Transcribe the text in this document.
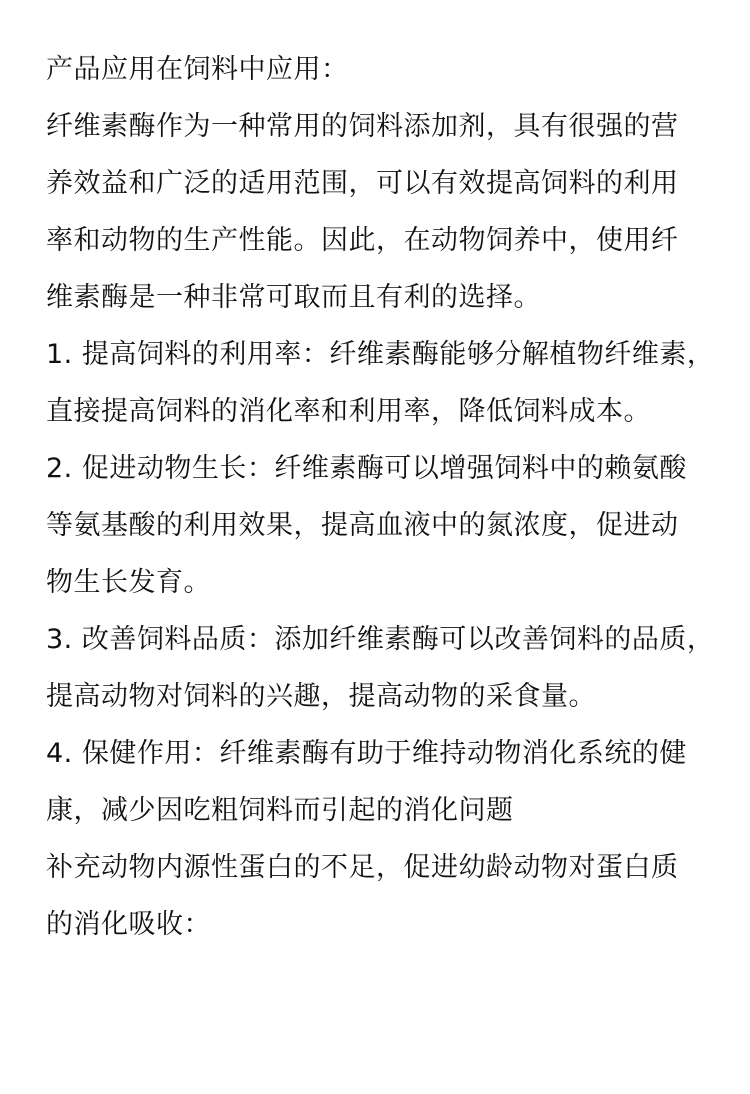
产品应用在饲料中应用：
纤维素酶作为一种常用的饲料添加剂，具有很强的营
养效益和广泛的适用范围，可以有效提高饲料的利用
率和动物的生产性能。因此，在动物饲养中，使用纤
维素酶是一种非常可取而且有利的选择。
1. 提高饲料的利用率：纤维素酶能够分解植物纤维素，
直接提高饲料的消化率和利用率，降低饲料成本。
2. 促进动物生长：纤维素酶可以增强饲料中的赖氨酸
等氨基酸的利用效果，提高血液中的氮浓度，促进动
物生长发育。
3. 改善饲料品质：添加纤维素酶可以改善饲料的品质，
提高动物对饲料的兴趣，提高动物的采食量。
4. 保健作用：纤维素酶有助于维持动物消化系统的健
康，减少因吃粗饲料而引起的消化问题
补充动物内源性蛋白的不足，促进幼龄动物对蛋白质
的消化吸收：
